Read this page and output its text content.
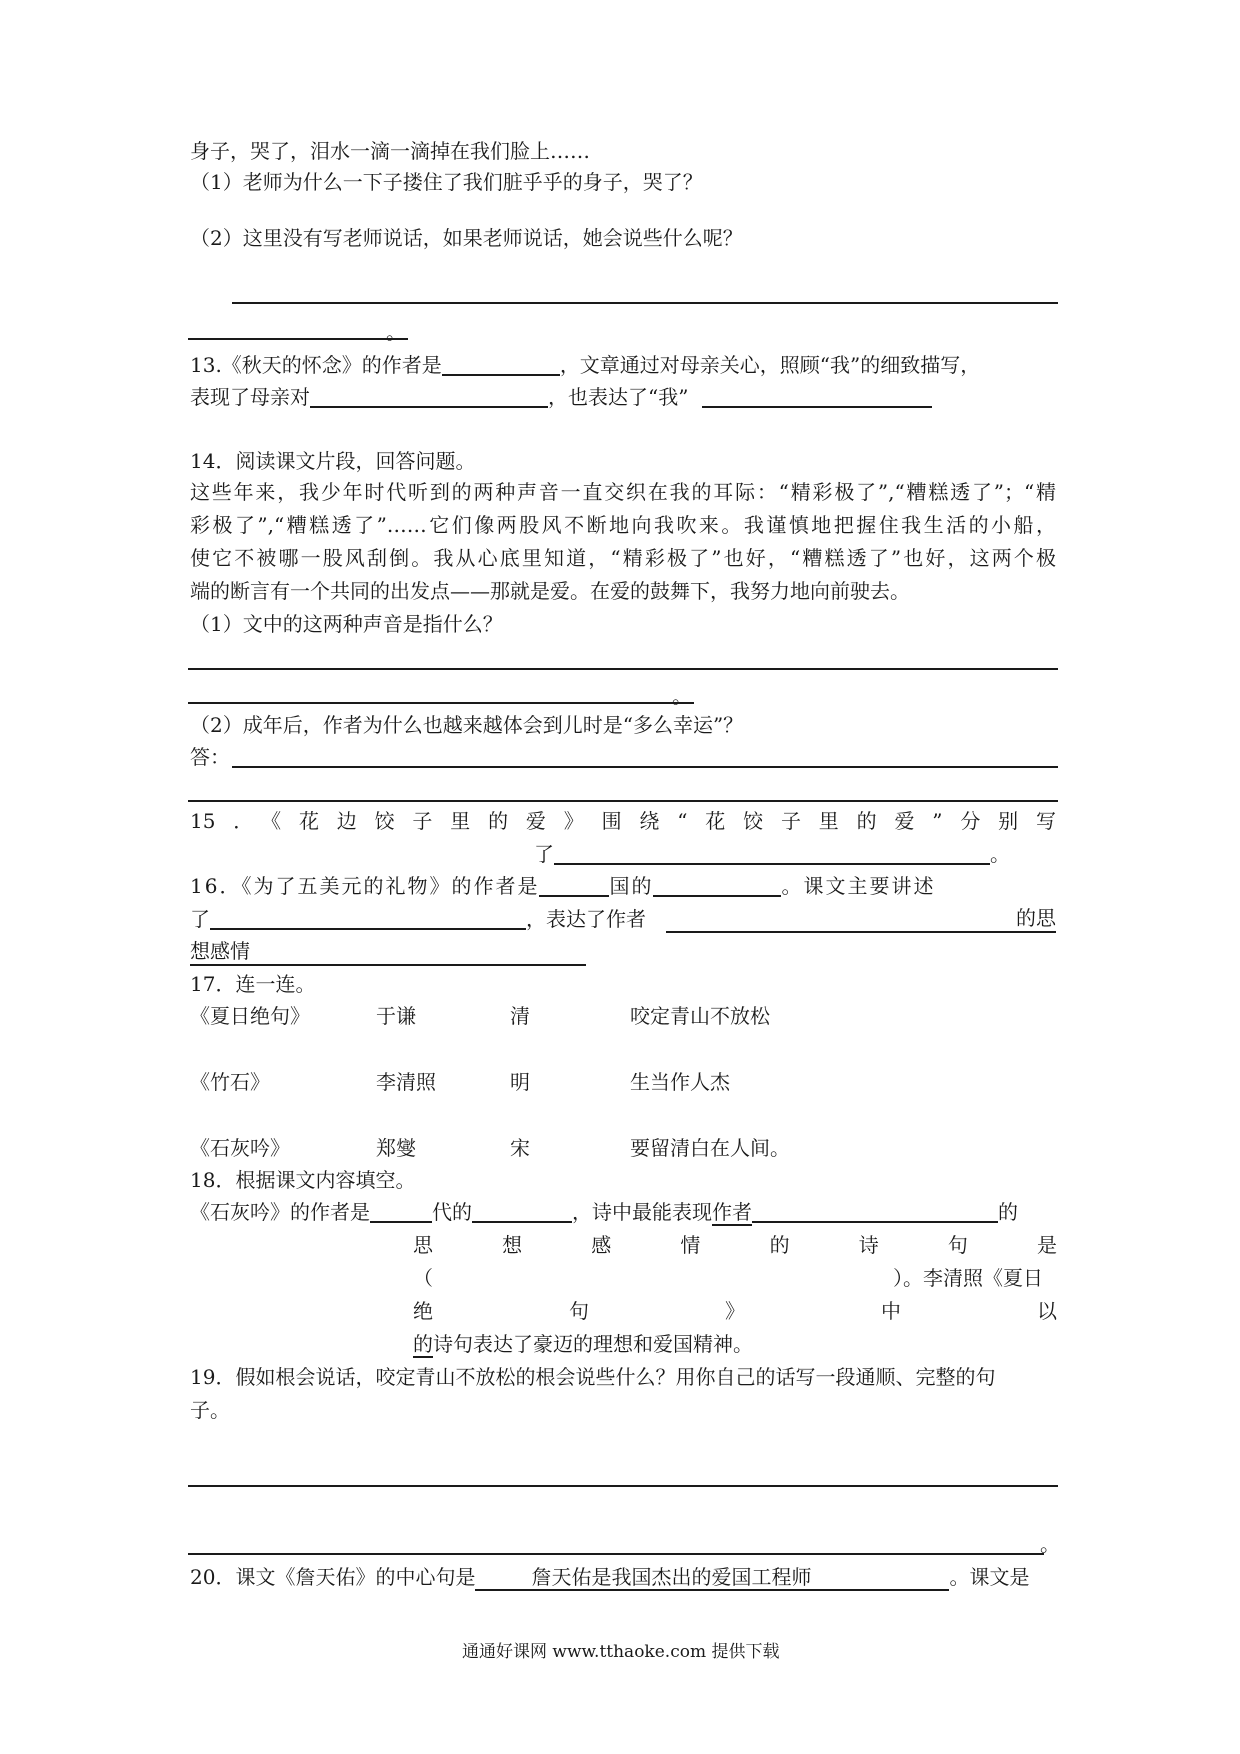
身子，哭了，泪水一滴一滴掉在我们脸上……
（1）老师为什么一下子搂住了我们脏乎乎的身子，哭了？
（2）这里没有写老师说话，如果老师说话，她会说些什么呢？
。
13.《秋天的怀念》的作者是	，文章通过对母亲关心，照顾“我”的细致描写，
表现了母亲对	，也表达了“我”
14．阅读课文片段，回答问题。
这些年来，我少年时代听到的两种声音一直交织在我的耳际：“精彩极了”,“糟糕透了”；“精
彩极了”,“糟糕透了”……它们像两股风不断地向我吹来。我谨慎地把握住我生活的小船，
使它不被哪一股风刮倒。我从心底里知道，“精彩极了”也好，“糟糕透了”也好，这两个极
端的断言有一个共同的出发点——那就是爱。在爱的鼓舞下，我努力地向前驶去。
（1）文中的这两种声音是指什么？
。
（2）成年后，作者为什么也越来越体会到儿时是“多么幸运”？
答：
15．《花边饺子里的爱》围绕“花饺子里的爱”分别写
了	。
16．《为了五美元的礼物》的作者是	国的	。课文主要讲述
了	，表达了作者	的思
想感情
17．连一连。
《夏日绝句》	于谦	清	咬定青山不放松
《竹石》	李清照	明	生当作人杰
《石灰吟》	郑燮	宋	要留清白在人间。
18．根据课文内容填空。
《石灰吟》的作者是	代的	，诗中最能表现作者	的
思想感情的诗句是
（	）。李清照《夏日
绝句》中以
的诗句表达了豪迈的理想和爱国精神。
19．假如根会说话，咬定青山不放松的根会说些什么？用你自己的话写一段通顺、完整的句
子。
。
20．课文《詹天佑》的中心句是	詹天佑是我国杰出的爱国工程师	。课文是
通通好课网 www.tthaoke.com 提供下载
